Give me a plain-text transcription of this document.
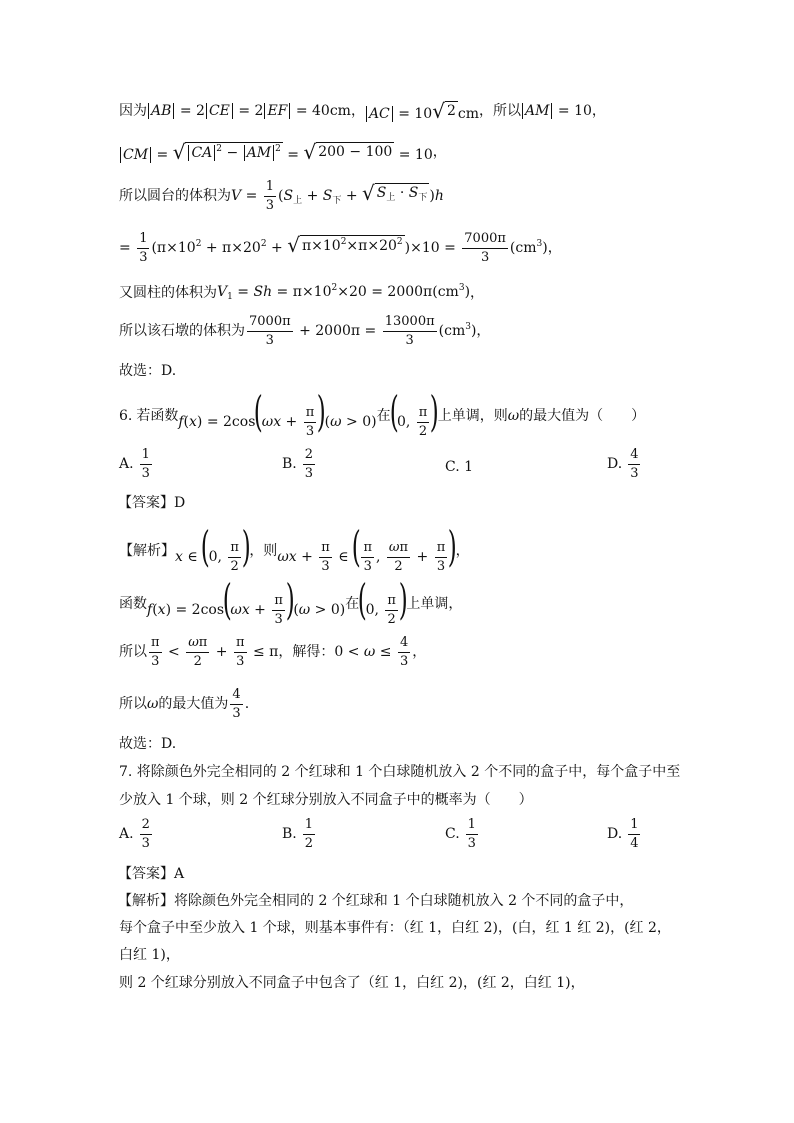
因为 AB = 2 CE = 2 EF = 40cm ， AC = 10 √ 2 cm ，所以 AM = 10 ，
CM = √ CA $^2$ − AM $^2$ = √ 200 − 100 = 10 ，
所以圆台的体积为 $V = \frac{1}{3} (S_上 + S_下$ + √ $S_上 \cdot S_下$ )h
= $\frac{1}{3} (\pi\times 10^2 + \pi\times 20^2$ + √ $\pi\times 10^2\times\pi\times 20^2$ )$\times 10 = \frac{7000\pi}{3} (cm^3)$ ，
又圆柱的体积为 $V_1 = Sh = \pi\times 10^2\times 20 = 2000\pi(cm^3)$ ，
所以该石墩的体积为 $\frac{7000\pi}{3} + 2000\pi = \frac{13000\pi}{3} (cm^3)$ ，
故选：D.
6. 若函数 $f(x) = 2\cos(\omega x + \frac{\pi}{3} )(\omega > 0)$ 在
(0, $\frac{\pi}{2}$ )
上单调，则 ω 的最大值为（　　）
A. $\frac{1}{3}$	B. $\frac{2}{3}$	C. 1	D. $\frac{4}{3}$
【答案】D
【解析】 x ∈ (0, $\frac{\pi}{2}$ )
，则 $\omega x + \frac{\pi}{3}$ ∈ ( $\frac{\pi}{3}$ , $\frac{\omega\pi}{2} + \frac{\pi}{3}$ )
，
函数 $f(x) = 2\cos(\omega x + \frac{\pi}{3} )(\omega > 0)$ 在
(0, $\frac{\pi}{2}$ )
上单调，
所以 $\frac{\pi}{3} < \frac{\omega\pi}{2} + \frac{\pi}{3} \le \pi$ ，解得： $0 < \omega \le \frac{4}{3}$ ，
所以 ω 的最大值为 $\frac{4}{3}$ .
故选：D.
7. 将除颜色外完全相同的 2 个红球和 1 个白球随机放入 2 个不同的盒子中，每个盒子中至
少放入 1 个球，则 2 个红球分别放入不同盒子中的概率为（　　）
A. $\frac{2}{3}$	B. $\frac{1}{2}$	C. $\frac{1}{3}$	D. $\frac{1}{4}$
【答案】A
【解析】将除颜色外完全相同的 2 个红球和 1 个白球随机放入 2 个不同的盒子中，
每个盒子中至少放入 1 个球，则基本事件有：（红 1，白红 2)，(白，红 1 红 2)，(红 2，
白红 1)，
则 2 个红球分别放入不同盒子中包含了（红 1，白红 2)，(红 2，白红 1)，
